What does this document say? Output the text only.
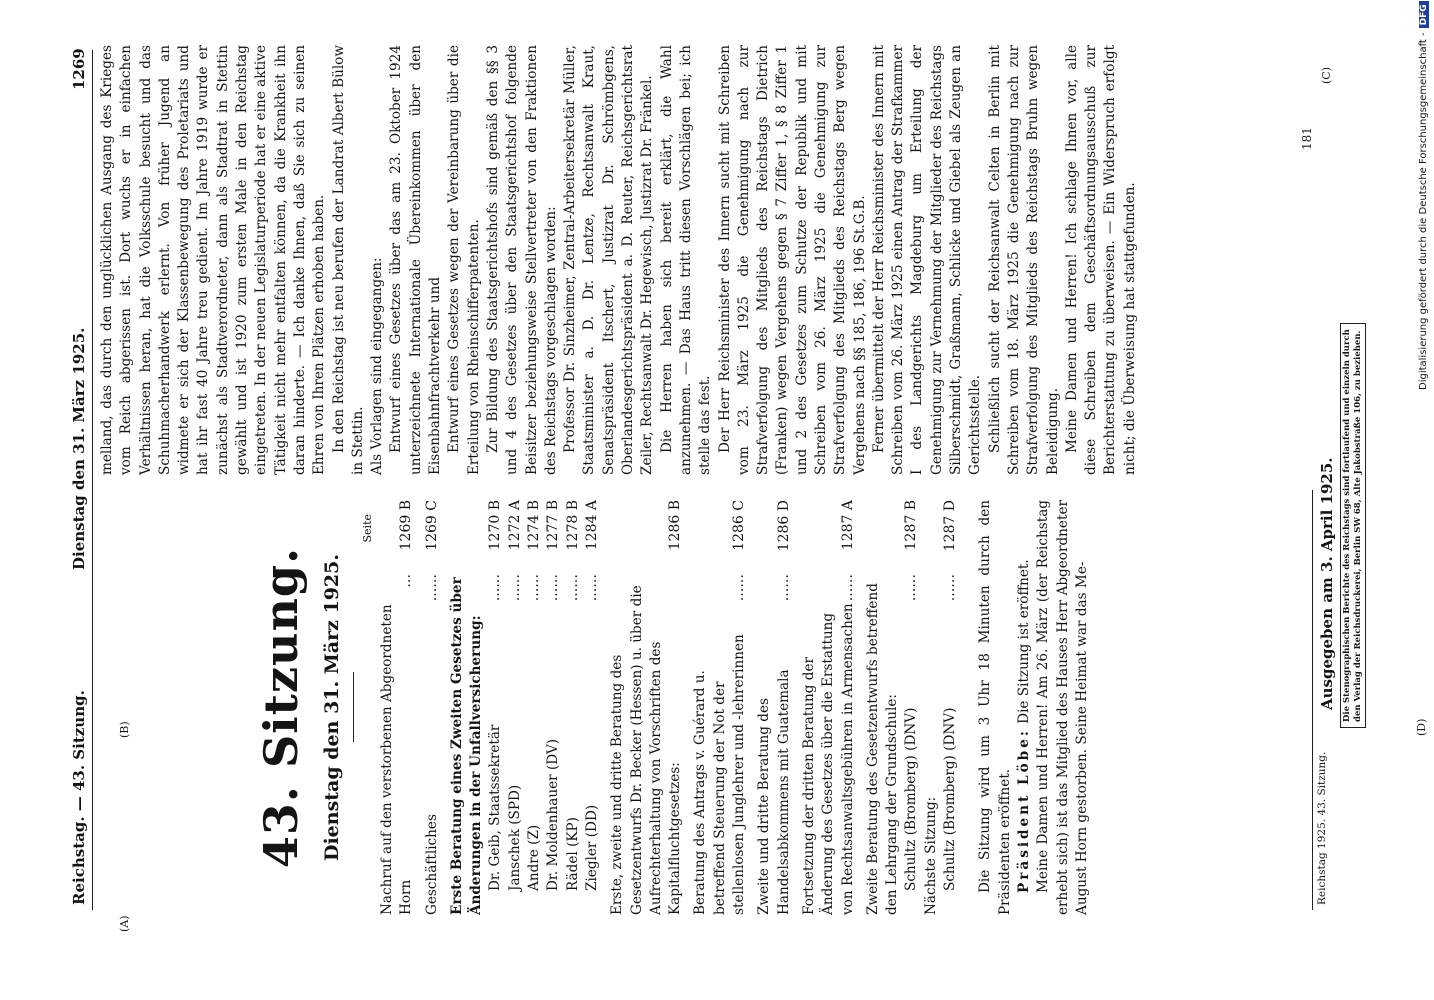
Reichstag. — 43. Sitzung.
Dienstag den 31. März 1925.
1269
(A)
(B)
(C)
(D)
43. Sitzung. Dienstag den 31. März 1925.
Seite
Nachruf auf den verstorbenen Abgeordneten Horn
…
1269 B
Geschäftliches
……
1269 C
Erste Beratung eines Zweiten Gesetzes über Änderungen in der Unfallversicherung: Dr. Geib, Staatssekretär
……
1270 B
Janschek (SPD)
……
1272 A
Andre (Z)
……
1274 B
Dr. Moldenhauer (DV)
……
1277 B
Rädel (KP)
……
1278 B
Ziegler (DD)
……
1284 A
Erste, zweite und dritte Beratung des Gesetzentwurfs Dr. Becker (Hessen) u. über die Aufrechterhaltung von Vorschriften des Kapitalfluchtgesetzes:
1286 B
Beratung des Antrags v. Guérard u. betreffend Steuerung der Not der stellenlosen Junglehrer und -lehrerinnen
……
1286 C
Zweite und dritte Beratung des Handelsabkommens mit Guatemala
……
1286 D
Fortsetzung der dritten Beratung der Änderung des Gesetzes über die Erstattung von Rechtsanwaltsgebühren in Armensachen
……
1287 A
Zweite Beratung des Gesetzentwurfs betreffend den Lehrgang der Grundschule: Schultz (Bromberg) (DNV)
……
1287 B
Nächste Sitzung: Schultz (Bromberg) (DNV)
……
1287 D Die Sitzung wird um 3 Uhr 18 Minuten durch den Präsidenten eröffnet. Präsident Löbe: Die Sitzung ist eröffnet. Meine Damen und Herren! Am 26. März (der Reichstag erhebt sich) ist das Mitglied des Hauses Herr Abgeordneter August Horn gestorben. Seine Heimat war das Me-	Reichstag 1925. 43. Sitzung.
Ausgegeben am 3. April 1925. Die Stenographischen Berichte des Reichstags sind fortlaufend und einzeln durch den Verlag der Reichsdruckerei, Berlin SW 68, Alte Jakobstraße 106, zu beziehen.
181

melland, das durch den unglücklichen Ausgang des Krieges vom Reich abgerissen ist. Dort wuchs er in einfachen Verhältnissen heran, hat die Volksschule besucht und das Schuhmacherhandwerk erlernt. Von früher Jugend an widmete er sich der Klassenbewegung des Proletariats und hat ihr fast 40 Jahre treu gedient. Im Jahre 1919 wurde er zunächst als Stadtverordneter, dann als Stadtrat in Stettin gewählt und ist 1920 zum ersten Male in den Reichstag eingetreten. In der neuen Legislaturperiode hat er eine aktive Tätigkeit nicht mehr entfalten können, da die Krankheit ihn daran hinderte. — Ich danke Ihnen, daß Sie sich zu seinen Ehren von Ihren Plätzen erhoben haben. In den Reichstag ist neu berufen der Landrat Albert Bülow in Stettin. Als Vorlagen sind eingegangen: Entwurf eines Gesetzes über das am 23. Oktober 1924 unterzeichnete Internationale Übereinkommen über den Eisenbahnfrachtverkehr und Entwurf eines Gesetzes wegen der Vereinbarung über die Erteilung von Rheinschifferpatenten. Zur Bildung des Staatsgerichtshofs sind gemäß den §§ 3 und 4 des Gesetzes über den Staatsgerichtshof folgende Beisitzer beziehungsweise Stellvertreter von den Fraktionen des Reichstags vorgeschlagen worden: Professor Dr. Sinzheimer, Zentral-Arbeitersekretär Müller, Staatsminister a. D. Dr. Lentze, Rechtsanwalt Kraut, Senatspräsident Itschert, Justizrat Dr. Schrömbgens, Oberlandesgerichtspräsident a. D. Reuter, Reichsgerichtsrat Zeiler, Rechtsanwalt Dr. Hegewisch, Justizrat Dr. Fränkel. Die Herren haben sich bereit erklärt, die Wahl anzunehmen. — Das Haus tritt diesen Vorschlägen bei; ich stelle das fest. Der Herr Reichsminister des Innern sucht mit Schreiben vom 23. März 1925 die Genehmigung nach zur Strafverfolgung des Mitglieds des Reichstags Dietrich (Franken) wegen Vergehens gegen § 7 Ziffer 1, § 8 Ziffer 1 und 2 des Gesetzes zum Schutze der Republik und mit Schreiben vom 26. März 1925 die Genehmigung zur Strafverfolgung des Mitglieds des Reichstags Berg wegen Vergehens nach §§ 185, 186, 196 St.G.B. Ferner übermittelt der Herr Reichsminister des Innern mit Schreiben vom 26. März 1925 einen Antrag der Strafkammer I des Landgerichts Magdeburg um Erteilung der Genehmigung zur Vernehmung der Mitglieder des Reichstags Silberschmidt, Graßmann, Schlicke und Giebel als Zeugen an Gerichtsstelle. Schließlich sucht der Reichsanwalt Celten in Berlin mit Schreiben vom 18. März 1925 die Genehmigung nach zur Strafverfolgung des Mitglieds des Reichstags Bruhn wegen Beleidigung. Meine Damen und Herren! Ich schlage Ihnen vor, alle diese Schreiben dem Geschäftsordnungsausschuß zur Berichterstattung zu überweisen. — Ein Widerspruch erfolgt nicht; die Überweisung hat stattgefunden.	Digitalisierung gefördert durch die Deutsche Forschungsgemeinschaft -DFG
